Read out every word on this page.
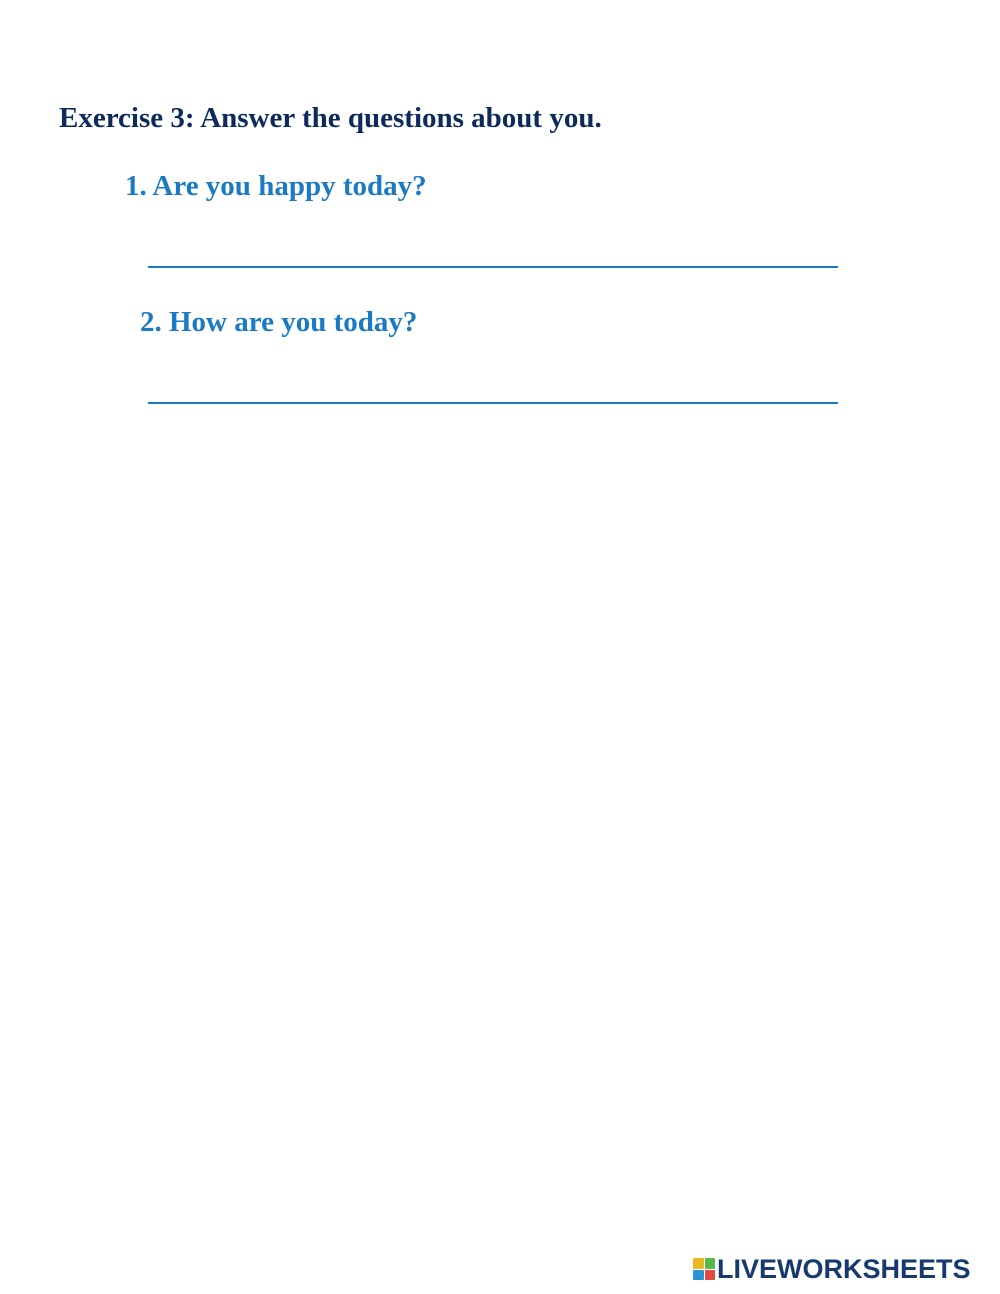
Exercise 3: Answer the questions about you.
1. Are you happy today?
2. How are you today?
LIVEWORKSHEETS
